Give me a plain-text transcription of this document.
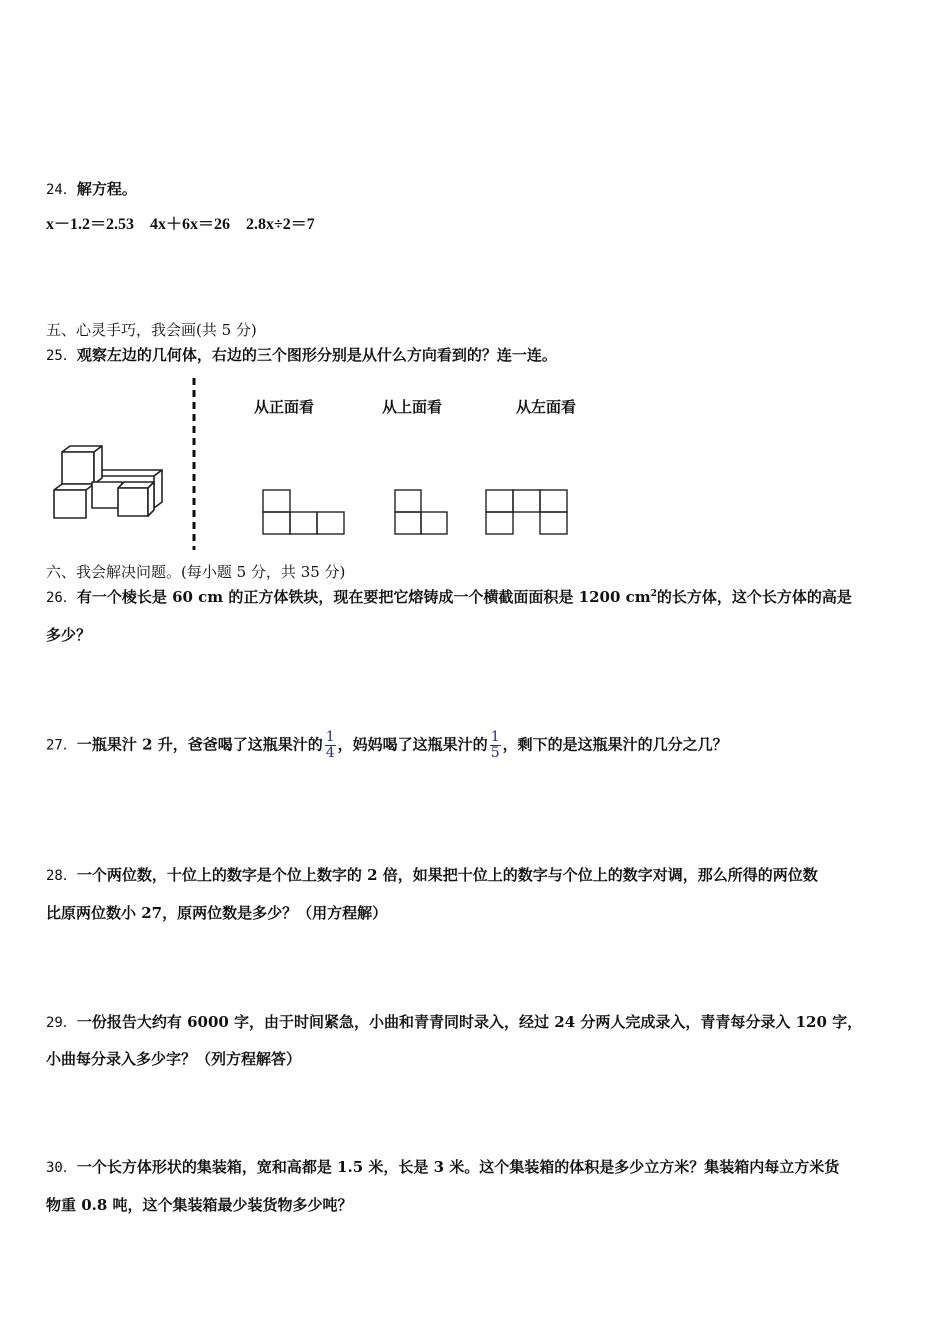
24．解方程。
x－1.2＝2.53　4x＋6x＝26　2.8x÷2＝7
五、心灵手巧，我会画(共 5 分)
25．观察左边的几何体，右边的三个图形分别是从什么方向看到的？连一连。
从正面看	从上面看	从左面看
六、我会解决问题。(每小题 5 分，共 35 分)
26．有一个棱长是 60 cm 的正方体铁块，现在要把它熔铸成一个横截面面积是 1200 $cm^2$的长方体，这个长方体的高是
多少？
27．一瓶果汁 2 升，爸爸喝了这瓶果汁的 $\frac{1}{4}$ ，妈妈喝了这瓶果汁的 $\frac{1}{5}$ ，剩下的是这瓶果汁的几分之几？
28．一个两位数，十位上的数字是个位上数字的 2 倍，如果把十位上的数字与个位上的数字对调，那么所得的两位数
比原两位数小 27，原两位数是多少？（用方程解）
29．一份报告大约有 6000 字，由于时间紧急，小曲和青青同时录入，经过 24 分两人完成录入，青青每分录入 120 字，
小曲每分录入多少字？（列方程解答）
30．一个长方体形状的集装箱，宽和高都是 1.5 米，长是 3 米。这个集装箱的体积是多少立方米？集装箱内每立方米货
物重 0.8 吨，这个集装箱最少装货物多少吨？
